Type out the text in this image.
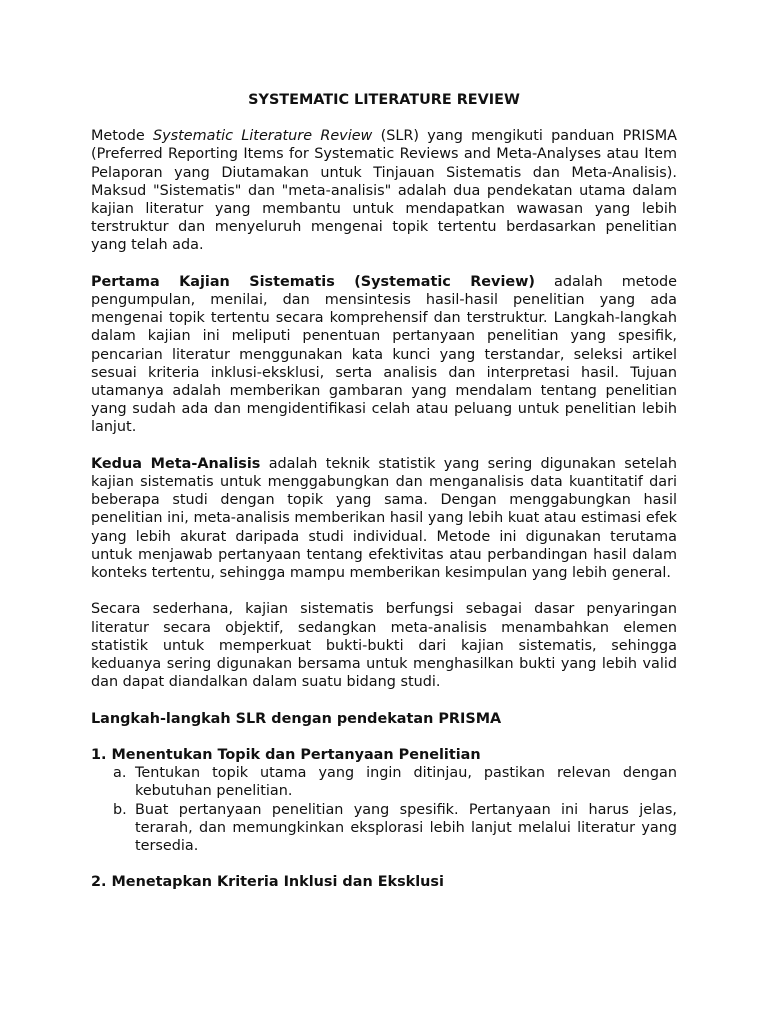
SYSTEMATIC LITERATURE REVIEW

Metode Systematic Literature Review (SLR) yang mengikuti panduan PRISMA (Preferred Reporting Items for Systematic Reviews and Meta-Analyses atau Item Pelaporan yang Diutamakan untuk Tinjauan Sistematis dan Meta-Analisis). Maksud "Sistematis" dan "meta-analisis" adalah dua pendekatan utama dalam kajian literatur yang membantu untuk mendapatkan wawasan yang lebih terstruktur dan menyeluruh mengenai topik tertentu berdasarkan penelitian yang telah ada.

Pertama Kajian Sistematis (Systematic Review) adalah metode pengumpulan, menilai, dan mensintesis hasil-hasil penelitian yang ada mengenai topik tertentu secara komprehensif dan terstruktur. Langkah-langkah dalam kajian ini meliputi penentuan pertanyaan penelitian yang spesifik, pencarian literatur menggunakan kata kunci yang terstandar, seleksi artikel sesuai kriteria inklusi-eksklusi, serta analisis dan interpretasi hasil. Tujuan utamanya adalah memberikan gambaran yang mendalam tentang penelitian yang sudah ada dan mengidentifikasi celah atau peluang untuk penelitian lebih lanjut.

Kedua Meta-Analisis adalah teknik statistik yang sering digunakan setelah kajian sistematis untuk menggabungkan dan menganalisis data kuantitatif dari beberapa studi dengan topik yang sama. Dengan menggabungkan hasil penelitian ini, meta-analisis memberikan hasil yang lebih kuat atau estimasi efek yang lebih akurat daripada studi individual. Metode ini digunakan terutama untuk menjawab pertanyaan tentang efektivitas atau perbandingan hasil dalam konteks tertentu, sehingga mampu memberikan kesimpulan yang lebih general.

Secara sederhana, kajian sistematis berfungsi sebagai dasar penyaringan literatur secara objektif, sedangkan meta-analisis menambahkan elemen statistik untuk memperkuat bukti-bukti dari kajian sistematis, sehingga keduanya sering digunakan bersama untuk menghasilkan bukti yang lebih valid dan dapat diandalkan dalam suatu bidang studi.

Langkah-langkah SLR dengan pendekatan PRISMA
1. Menentukan Topik dan Pertanyaan Penelitian
a. Tentukan topik utama yang ingin ditinjau, pastikan relevan dengan kebutuhan penelitian.
b. Buat pertanyaan penelitian yang spesifik. Pertanyaan ini harus jelas, terarah, dan memungkinkan eksplorasi lebih lanjut melalui literatur yang tersedia.
2. Menetapkan Kriteria Inklusi dan Eksklusi
